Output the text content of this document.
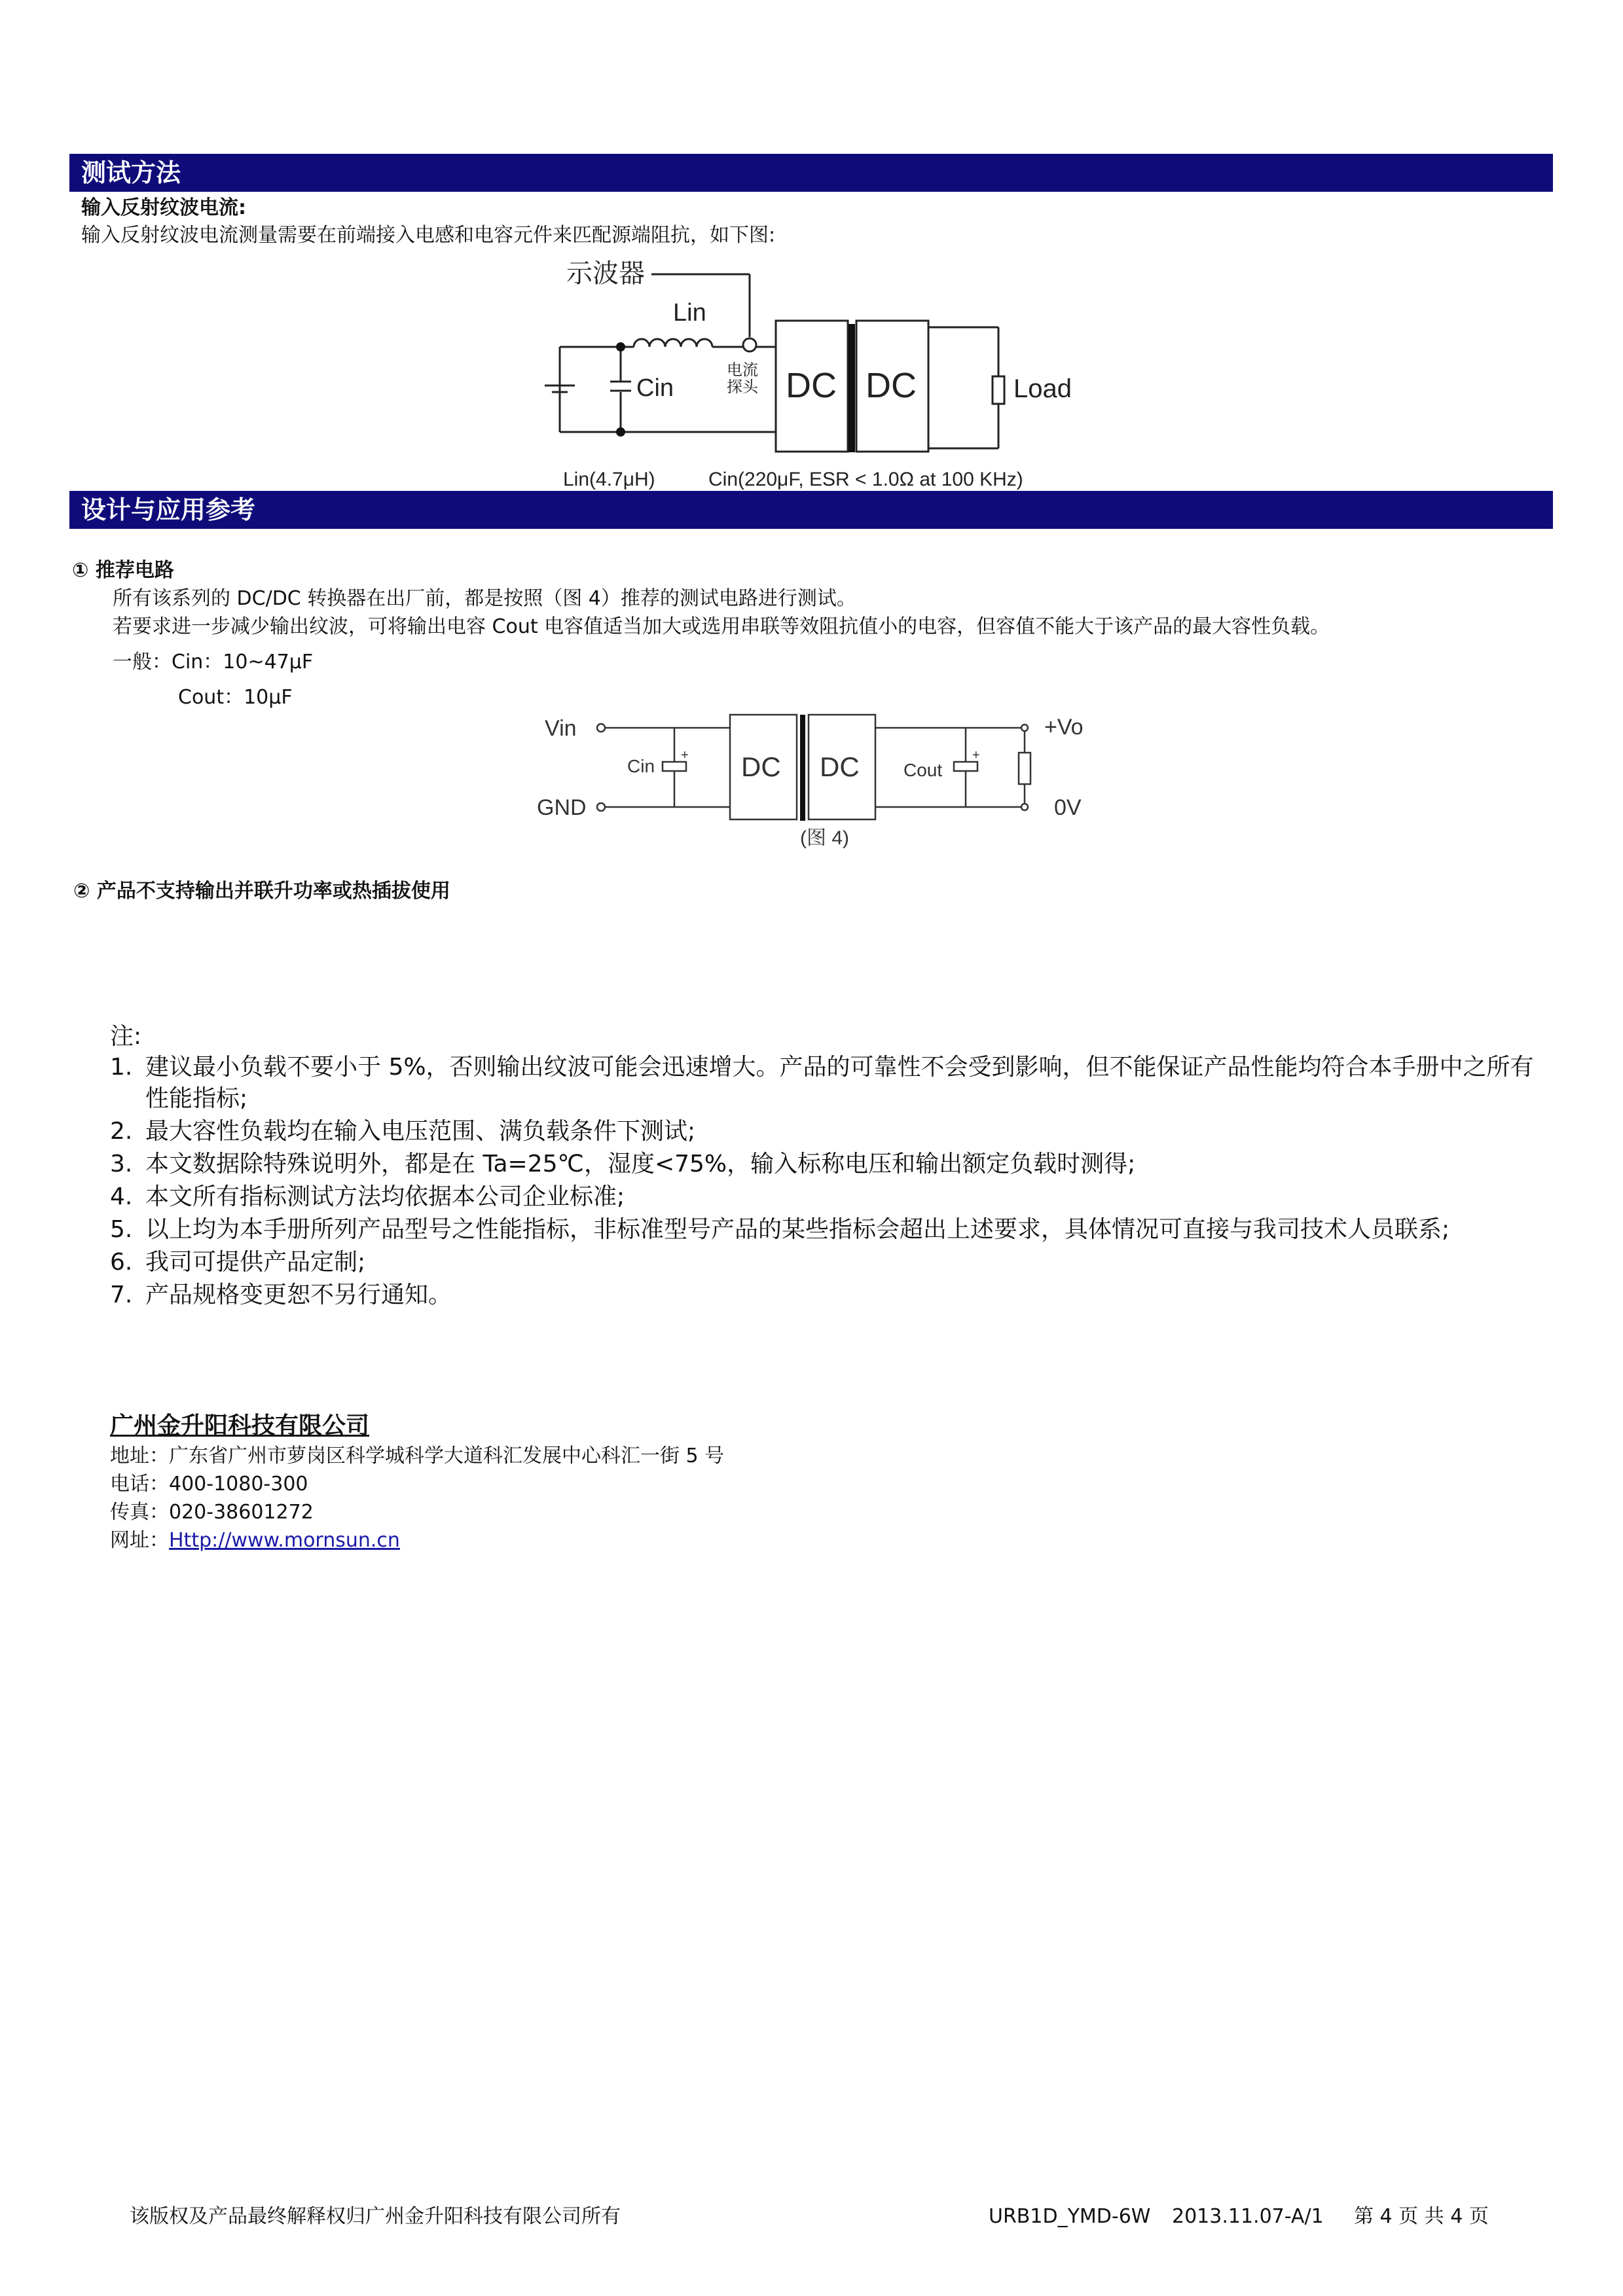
测试方法
输入反射纹波电流:
输入反射纹波电流测量需要在前端接入电感和电容元件来匹配源端阻抗，如下图:
示波器
Lin
Cin
电流
探头 DC DC	Load
Lin(4.7μH)	Cin(220μF, ESR < 1.0Ω at 100 KHz)
设计与应用参考
① 推荐电路
所有该系列的 DC/DC 转换器在出厂前，都是按照（图 4）推荐的测试电路进行测试。
若要求进一步减少输出纹波，可将输出电容 Cout 电容值适当加大或选用串联等效阻抗值小的电容，但容值不能大于该产品的最大容性负载。
一般：Cin：10~47μF
Cout：10μF
+	+
Vin
GND
Cin	DC DC Cout
+Vo
0V
(图 4)
② 产品不支持输出并联升功率或热插拔使用
注:
1. 建议最小负载不要小于 5%，否则输出纹波可能会迅速增大。产品的可靠性不会受到影响，但不能保证产品性能均符合本手册中之所有性能指标;
2. 最大容性负载均在输入电压范围、满负载条件下测试;
3. 本文数据除特殊说明外，都是在 Ta=25℃，湿度<75%，输入标称电压和输出额定负载时测得;
4. 本文所有指标测试方法均依据本公司企业标准;
5. 以上均为本手册所列产品型号之性能指标，非标准型号产品的某些指标会超出上述要求，具体情况可直接与我司技术人员联系;
6. 我司可提供产品定制;
7. 产品规格变更恕不另行通知。
广州金升阳科技有限公司
地址：广东省广州市萝岗区科学城科学大道科汇发展中心科汇一街 5 号
电话：400-1080-300
传真：020-38601272
网址：Http://www.mornsun.cn
该版权及产品最终解释权归广州金升阳科技有限公司所有	URB1D_YMD-6W 2013.11.07-A/1 第 4 页 共 4 页
